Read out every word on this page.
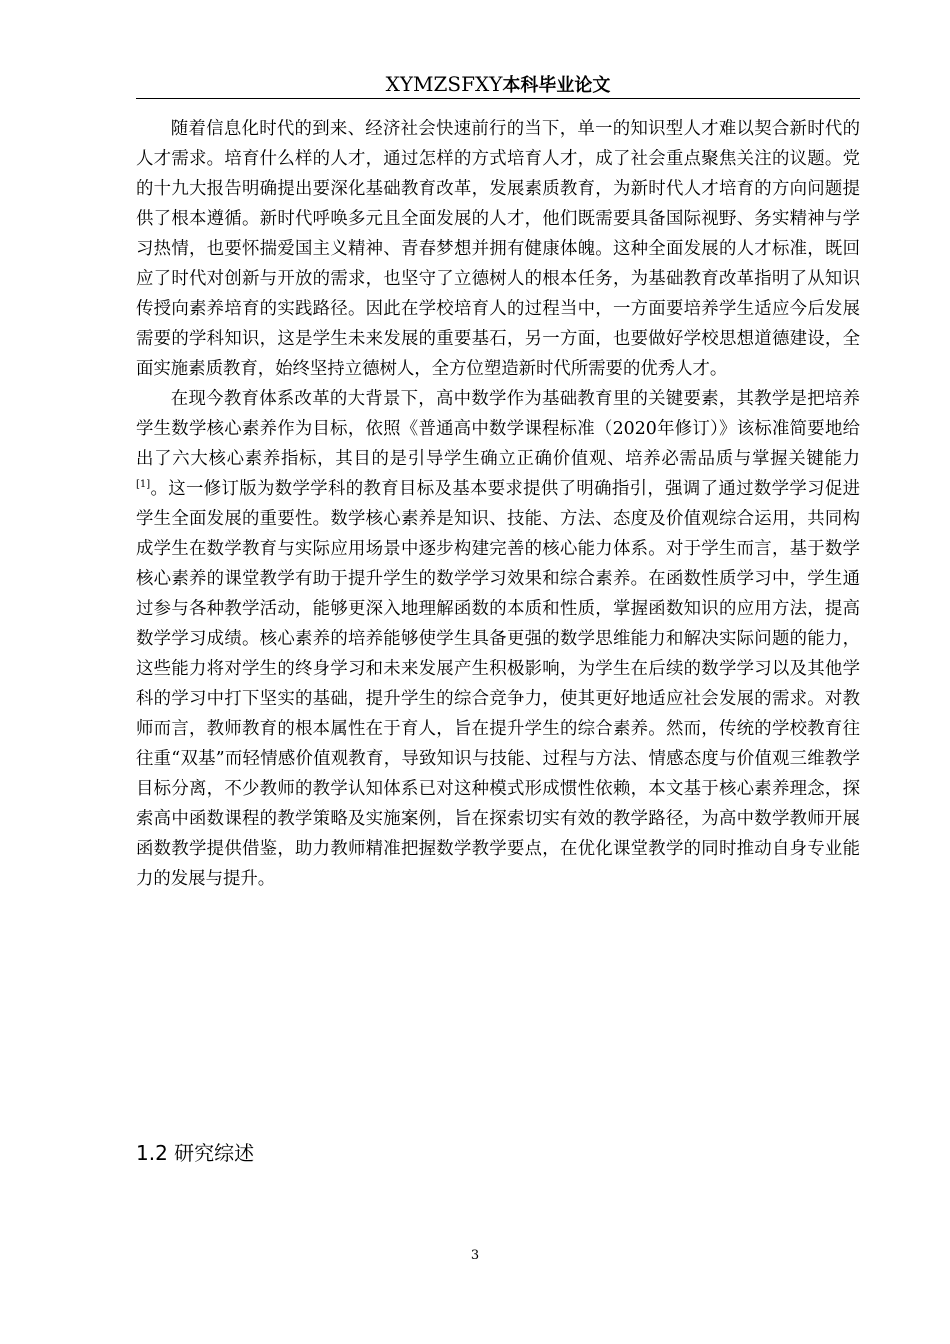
XYMZSFXY本科毕业论文

随着信息化时代的到来、经济社会快速前行的当下，单一的知识型人才难以契合新时代的人才需求。培育什么样的人才，通过怎样的方式培育人才，成了社会重点聚焦关注的议题。党的十九大报告明确提出要深化基础教育改革，发展素质教育，为新时代人才培育的方向问题提供了根本遵循。新时代呼唤多元且全面发展的人才，他们既需要具备国际视野、务实精神与学习热情，也要怀揣爱国主义精神、青春梦想并拥有健康体魄。这种全面发展的人才标准，既回应了时代对创新与开放的需求，也坚守了立德树人的根本任务，为基础教育改革指明了从知识传授向素养培育的实践路径。因此在学校培育人的过程当中，一方面要培养学生适应今后发展需要的学科知识，这是学生未来发展的重要基石，另一方面，也要做好学校思想道德建设，全面实施素质教育，始终坚持立德树人，全方位塑造新时代所需要的优秀人才。

在现今教育体系改革的大背景下，高中数学作为基础教育里的关键要素，其教学是把培养学生数学核心素养作为目标，依照《普通高中数学课程标准（2020年修订）》该标准简要地给出了六大核心素养指标，其目的是引导学生确立正确价值观、培养必需品质与掌握关键能力[1]。这一修订版为数学学科的教育目标及基本要求提供了明确指引，强调了通过数学学习促进学生全面发展的重要性。数学核心素养是知识、技能、方法、态度及价值观综合运用，共同构成学生在数学教育与实际应用场景中逐步构建完善的核心能力体系。对于学生而言，基于数学核心素养的课堂教学有助于提升学生的数学学习效果和综合素养。在函数性质学习中，学生通过参与各种教学活动，能够更深入地理解函数的本质和性质，掌握函数知识的应用方法，提高数学学习成绩。核心素养的培养能够使学生具备更强的数学思维能力和解决实际问题的能力，这些能力将对学生的终身学习和未来发展产生积极影响，为学生在后续的数学学习以及其他学科的学习中打下坚实的基础，提升学生的综合竞争力，使其更好地适应社会发展的需求。对教师而言，教师教育的根本属性在于育人，旨在提升学生的综合素养。然而，传统的学校教育往往重“双基”而轻情感价值观教育，导致知识与技能、过程与方法、情感态度与价值观三维教学目标分离，不少教师的教学认知体系已对这种模式形成惯性依赖，本文基于核心素养理念，探索高中函数课程的教学策略及实施案例，旨在探索切实有效的教学路径，为高中数学教师开展函数教学提供借鉴，助力教师精准把握数学教学要点，在优化课堂教学的同时推动自身专业能力的发展与提升。

1.2 研究综述
3
